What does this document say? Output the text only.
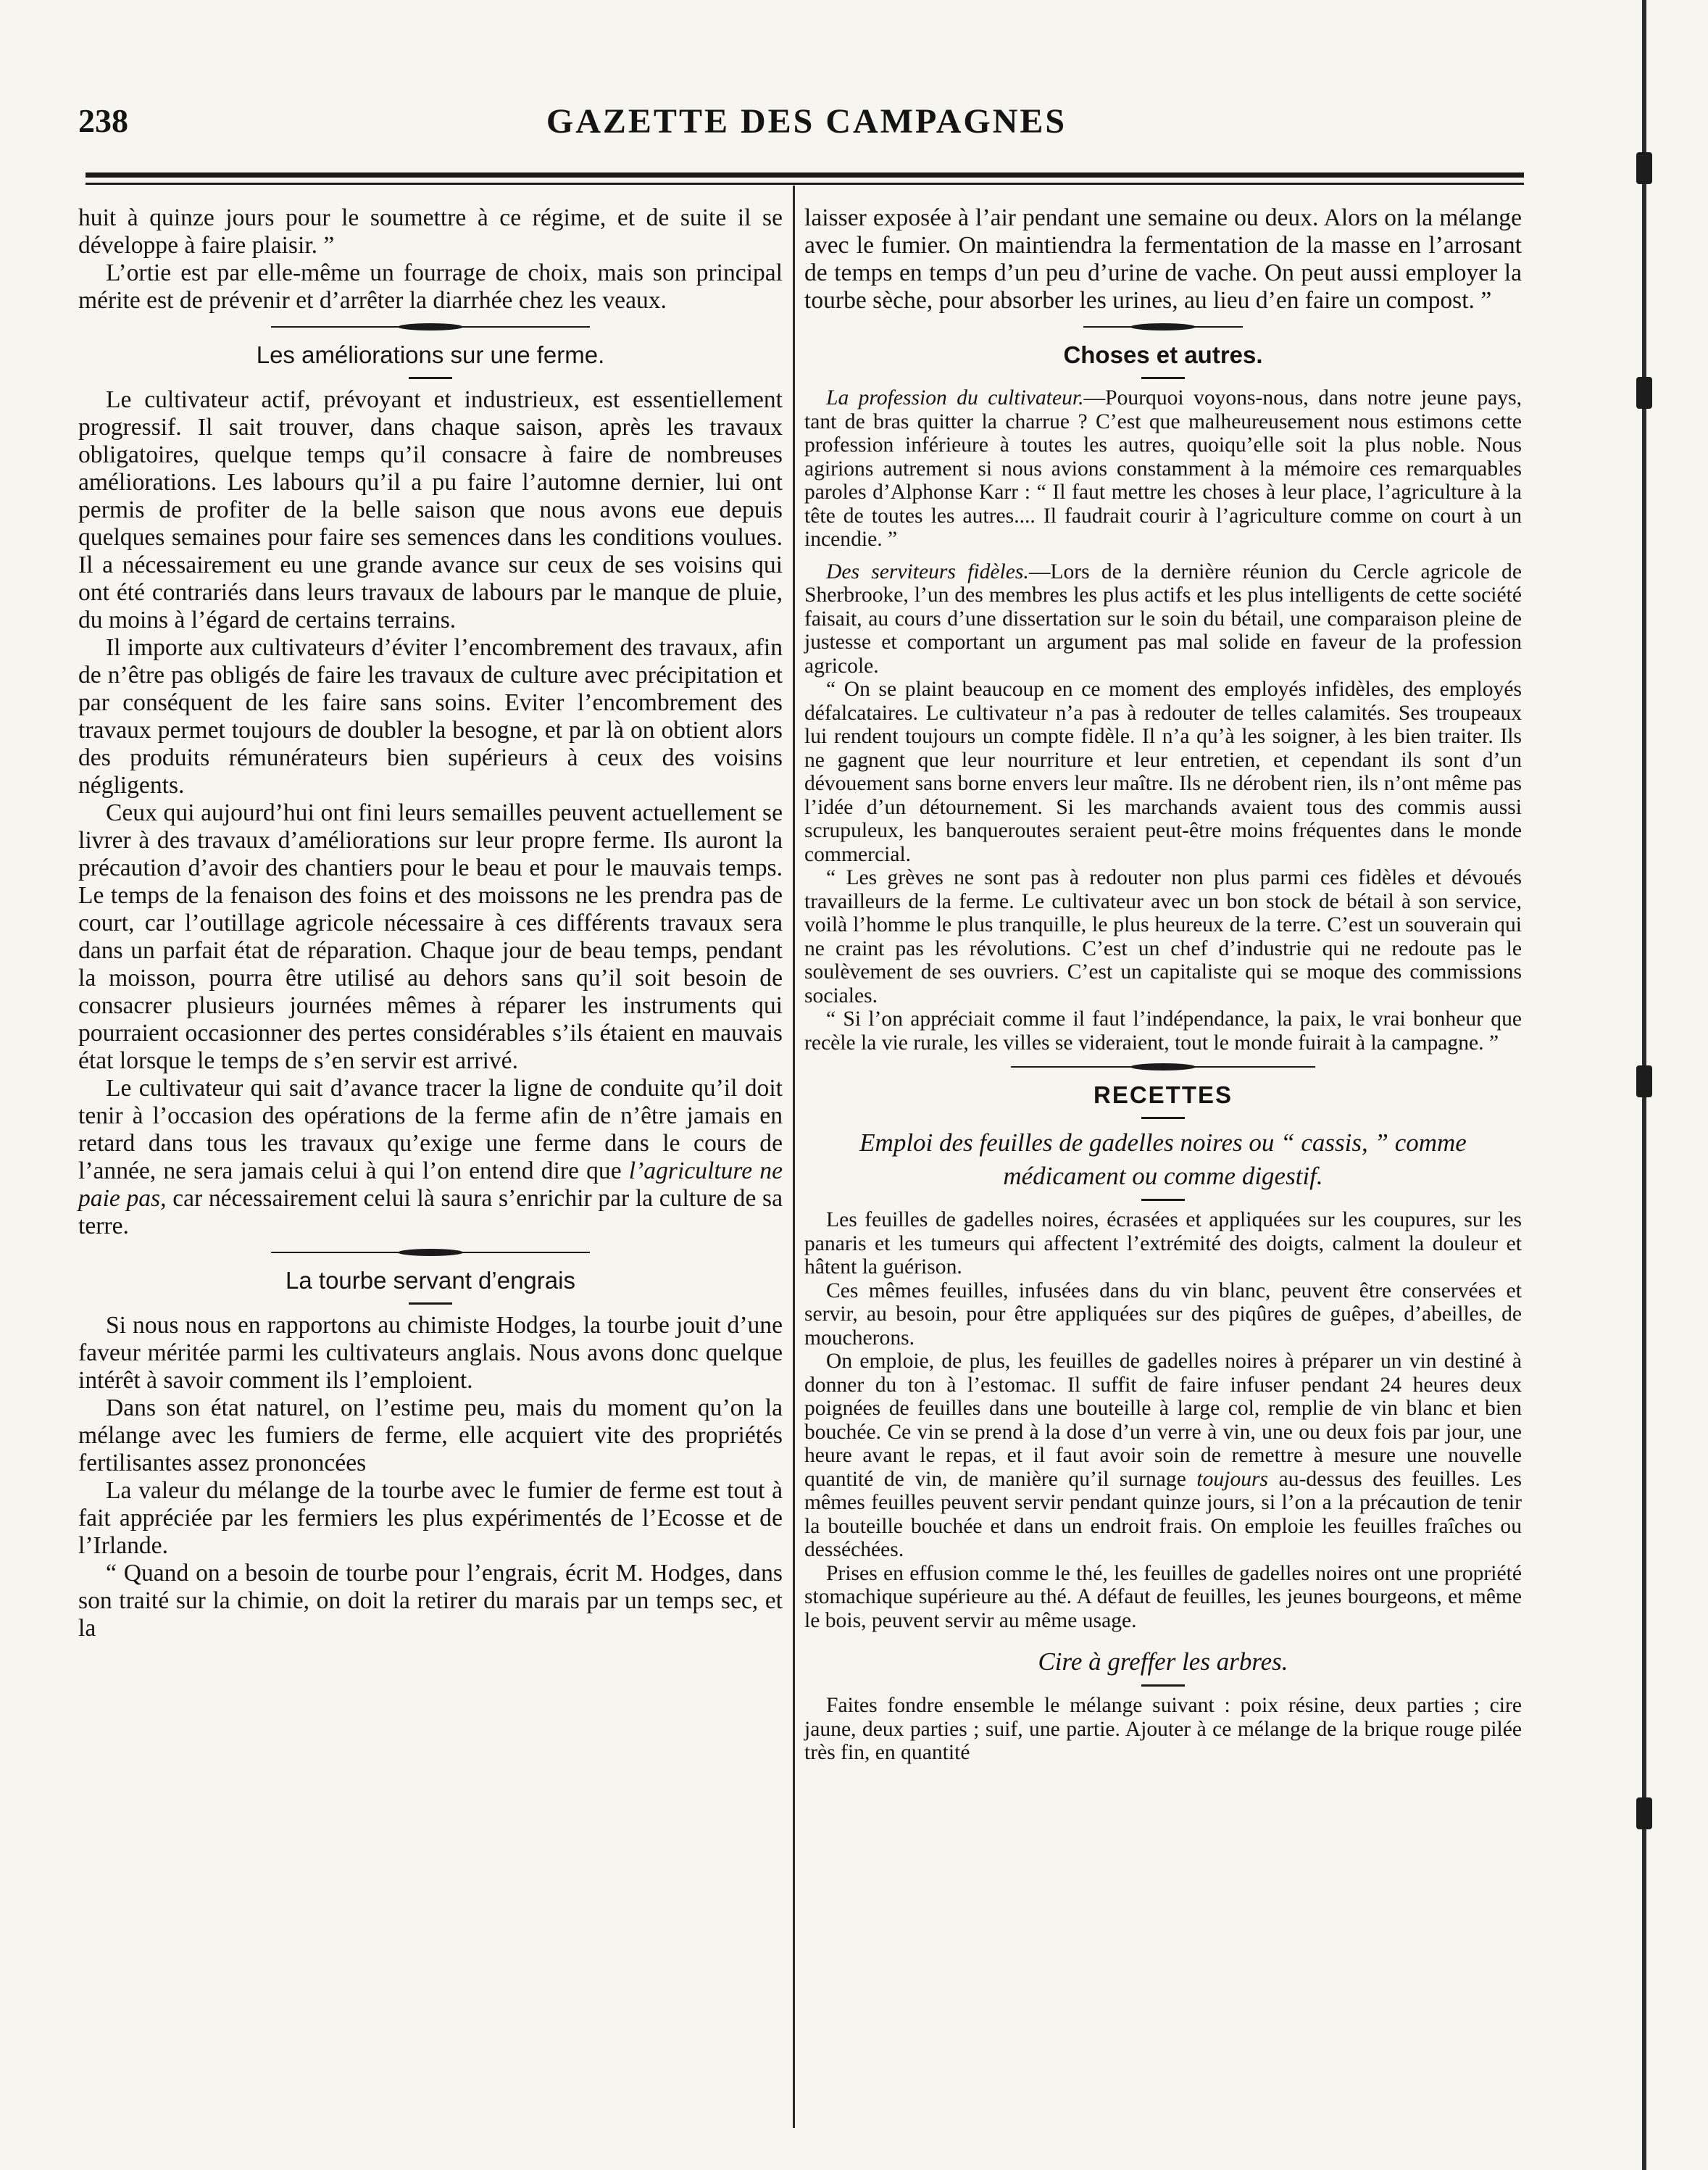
238	GAZETTE DES CAMPAGNES

huit à quinze jours pour le soumettre à ce régime, et de suite il se développe à faire plaisir. ”

L’ortie est par elle-même un fourrage de choix, mais son principal mérite est de prévenir et d’arrêter la diarrhée chez les veaux.

Les améliorations sur une ferme.

Le cultivateur actif, prévoyant et industrieux, est essentiellement progressif. Il sait trouver, dans chaque saison, après les travaux obligatoires, quelque temps qu’il consacre à faire de nombreuses améliorations. Les labours qu’il a pu faire l’automne dernier, lui ont permis de profiter de la belle saison que nous avons eue depuis quelques semaines pour faire ses semences dans les conditions voulues. Il a nécessairement eu une grande avance sur ceux de ses voisins qui ont été contrariés dans leurs travaux de labours par le manque de pluie, du moins à l’égard de certains terrains.

Il importe aux cultivateurs d’éviter l’encombrement des travaux, afin de n’être pas obligés de faire les travaux de culture avec précipitation et par conséquent de les faire sans soins. Eviter l’encombrement des travaux permet toujours de doubler la besogne, et par là on obtient alors des produits rémunérateurs bien supérieurs à ceux des voisins négligents.

Ceux qui aujourd’hui ont fini leurs semailles peuvent actuellement se livrer à des travaux d’améliorations sur leur propre ferme. Ils auront la précaution d’avoir des chantiers pour le beau et pour le mauvais temps. Le temps de la fenaison des foins et des moissons ne les prendra pas de court, car l’outillage agricole nécessaire à ces différents travaux sera dans un parfait état de réparation. Chaque jour de beau temps, pendant la moisson, pourra être utilisé au dehors sans qu’il soit besoin de consacrer plusieurs journées mêmes à réparer les instruments qui pourraient occasionner des pertes considérables s’ils étaient en mauvais état lorsque le temps de s’en servir est arrivé.

Le cultivateur qui sait d’avance tracer la ligne de conduite qu’il doit tenir à l’occasion des opérations de la ferme afin de n’être jamais en retard dans tous les travaux qu’exige une ferme dans le cours de l’année, ne sera jamais celui à qui l’on entend dire que l’agriculture ne paie pas, car nécessairement celui là saura s’enrichir par la culture de sa terre.

La tourbe servant d’engrais

Si nous nous en rapportons au chimiste Hodges, la tourbe jouit d’une faveur méritée parmi les cultivateurs anglais. Nous avons donc quelque intérêt à savoir comment ils l’emploient.

Dans son état naturel, on l’estime peu, mais du moment qu’on la mélange avec les fumiers de ferme, elle acquiert vite des propriétés fertilisantes assez prononcées

La valeur du mélange de la tourbe avec le fumier de ferme est tout à fait appréciée par les fermiers les plus expérimentés de l’Ecosse et de l’Irlande.

“ Quand on a besoin de tourbe pour l’engrais, écrit M. Hodges, dans son traité sur la chimie, on doit la retirer du marais par un temps sec, et la

laisser exposée à l’air pendant une semaine ou deux. Alors on la mélange avec le fumier. On maintiendra la fermentation de la masse en l’arrosant de temps en temps d’un peu d’urine de vache. On peut aussi employer la tourbe sèche, pour absorber les urines, au lieu d’en faire un compost. ”

Choses et autres.

La profession du cultivateur.—Pourquoi voyons-nous, dans notre jeune pays, tant de bras quitter la charrue ? C’est que malheureusement nous estimons cette profession inférieure à toutes les autres, quoiqu’elle soit la plus noble. Nous agirions autrement si nous avions constamment à la mémoire ces remarquables paroles d’Alphonse Karr : “ Il faut mettre les choses à leur place, l’agriculture à la tête de toutes les autres.... Il faudrait courir à l’agriculture comme on court à un incendie. ”

Des serviteurs fidèles.—Lors de la dernière réunion du Cercle agricole de Sherbrooke, l’un des membres les plus actifs et les plus intelligents de cette société faisait, au cours d’une dissertation sur le soin du bétail, une comparaison pleine de justesse et comportant un argument pas mal solide en faveur de la profession agricole.

“ On se plaint beaucoup en ce moment des employés infidèles, des employés défalcataires. Le cultivateur n’a pas à redouter de telles calamités. Ses troupeaux lui rendent toujours un compte fidèle. Il n’a qu’à les soigner, à les bien traiter. Ils ne gagnent que leur nourriture et leur entretien, et cependant ils sont d’un dévouement sans borne envers leur maître. Ils ne dérobent rien, ils n’ont même pas l’idée d’un détournement. Si les marchands avaient tous des commis aussi scrupuleux, les banqueroutes seraient peut-être moins fréquentes dans le monde commercial.

“ Les grèves ne sont pas à redouter non plus parmi ces fidèles et dévoués travailleurs de la ferme. Le cultivateur avec un bon stock de bétail à son service, voilà l’homme le plus tranquille, le plus heureux de la terre. C’est un souverain qui ne craint pas les révolutions. C’est un chef d’industrie qui ne redoute pas le soulèvement de ses ouvriers. C’est un capitaliste qui se moque des commissions sociales.

“ Si l’on appréciait comme il faut l’indépendance, la paix, le vrai bonheur que recèle la vie rurale, les villes se videraient, tout le monde fuirait à la campagne. ”

RECETTES

Emploi des feuilles de gadelles noires ou “ cassis, ” comme

médicament ou comme digestif.

Les feuilles de gadelles noires, écrasées et appliquées sur les coupures, sur les panaris et les tumeurs qui affectent l’extrémité des doigts, calment la douleur et hâtent la guérison.

Ces mêmes feuilles, infusées dans du vin blanc, peuvent être conservées et servir, au besoin, pour être appliquées sur des piqûres de guêpes, d’abeilles, de moucherons.

On emploie, de plus, les feuilles de gadelles noires à préparer un vin destiné à donner du ton à l’estomac. Il suffit de faire infuser pendant 24 heures deux poignées de feuilles dans une bouteille à large col, remplie de vin blanc et bien bouchée. Ce vin se prend à la dose d’un verre à vin, une ou deux fois par jour, une heure avant le repas, et il faut avoir soin de remettre à mesure une nouvelle quantité de vin, de manière qu’il surnage toujours au-dessus des feuilles. Les mêmes feuilles peuvent servir pendant quinze jours, si l’on a la précaution de tenir la bouteille bouchée et dans un endroit frais. On emploie les feuilles fraîches ou desséchées.

Prises en effusion comme le thé, les feuilles de gadelles noires ont une propriété stomachique supérieure au thé. A défaut de feuilles, les jeunes bourgeons, et même le bois, peuvent servir au même usage.

Cire à greffer les arbres.

Faites fondre ensemble le mélange suivant : poix résine, deux parties ; cire jaune, deux parties ; suif, une partie. Ajouter à ce mélange de la brique rouge pilée très fin, en quantité
